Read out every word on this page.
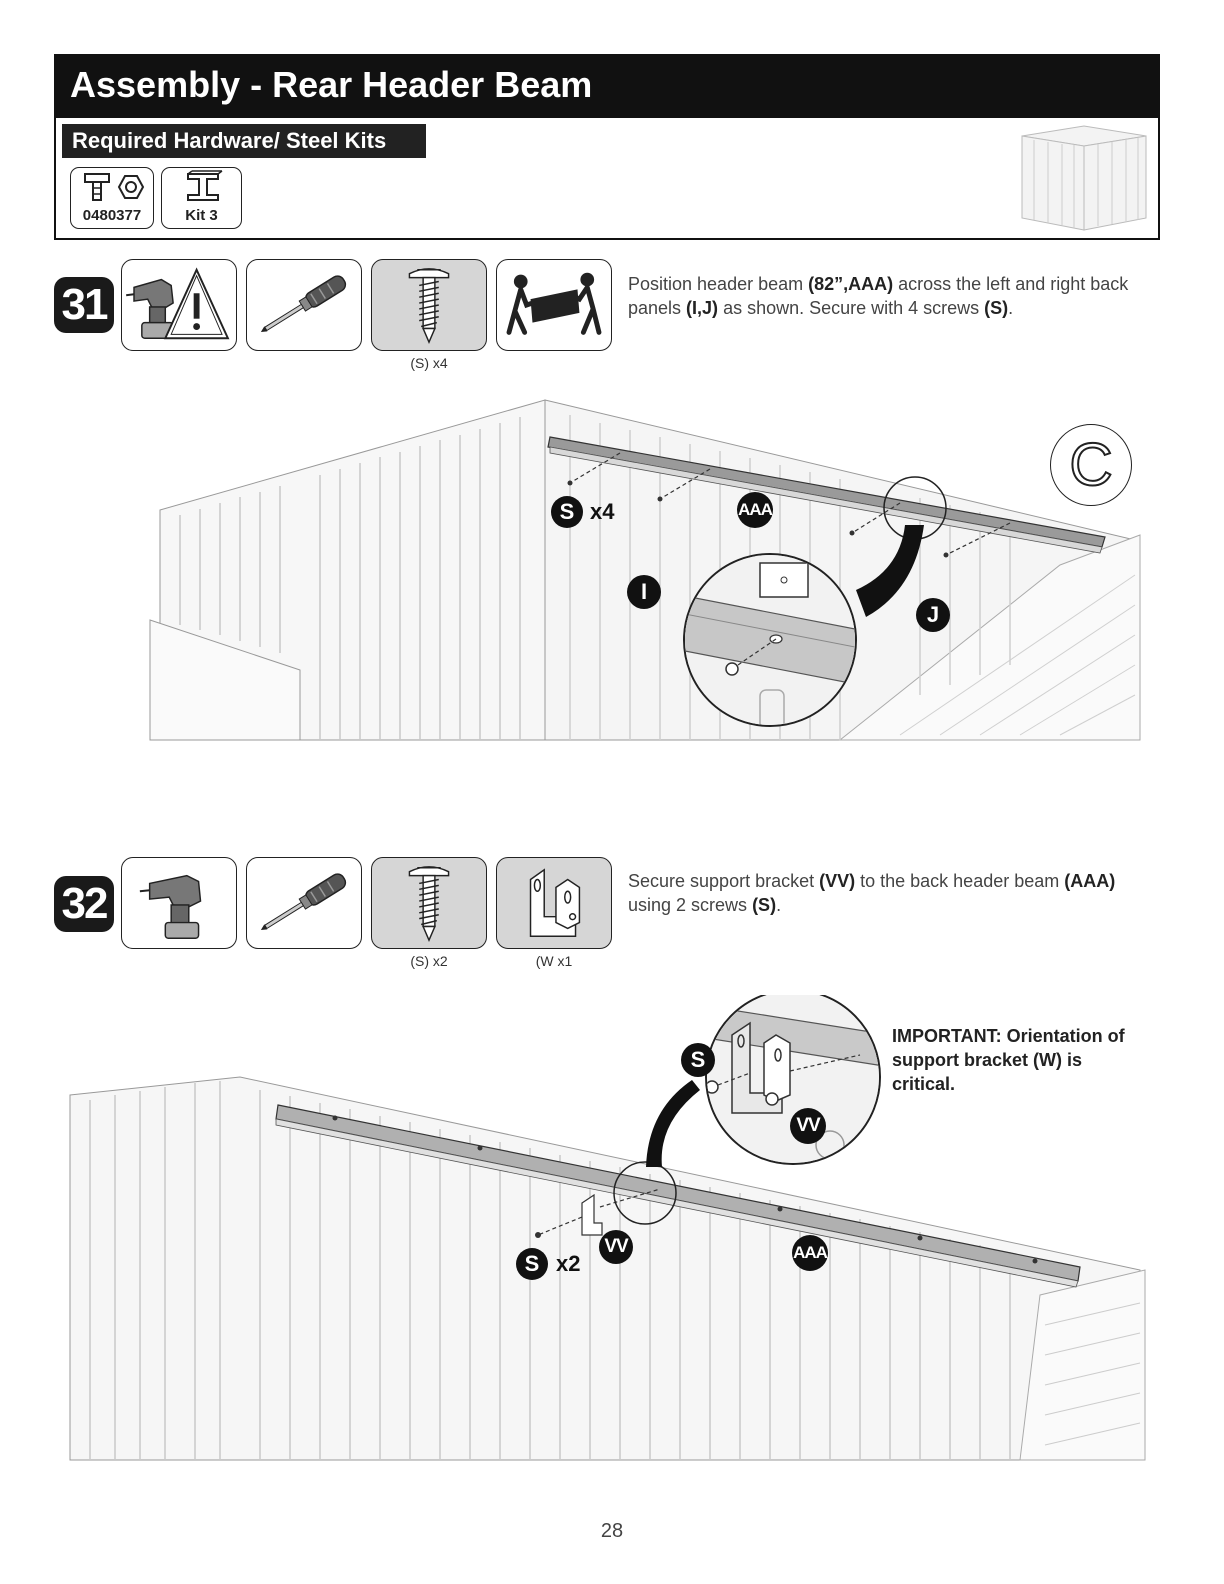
Assembly - Rear Header Beam
Required Hardware/ Steel Kits
0480377	Kit 3
31
(S) x4
Position header beam (82”,AAA) across the left and right back panels (I,J) as shown. Secure with 4 screws (S).
S x4	AAA
I
J
C
32
(S) x2	(W x1
Secure support bracket (VV) to the back header beam (AAA) using 2 screws (S).
IMPORTANT: Orientation of support bracket (W) is critical.
S
VV
VV
S x2	AAA
28
